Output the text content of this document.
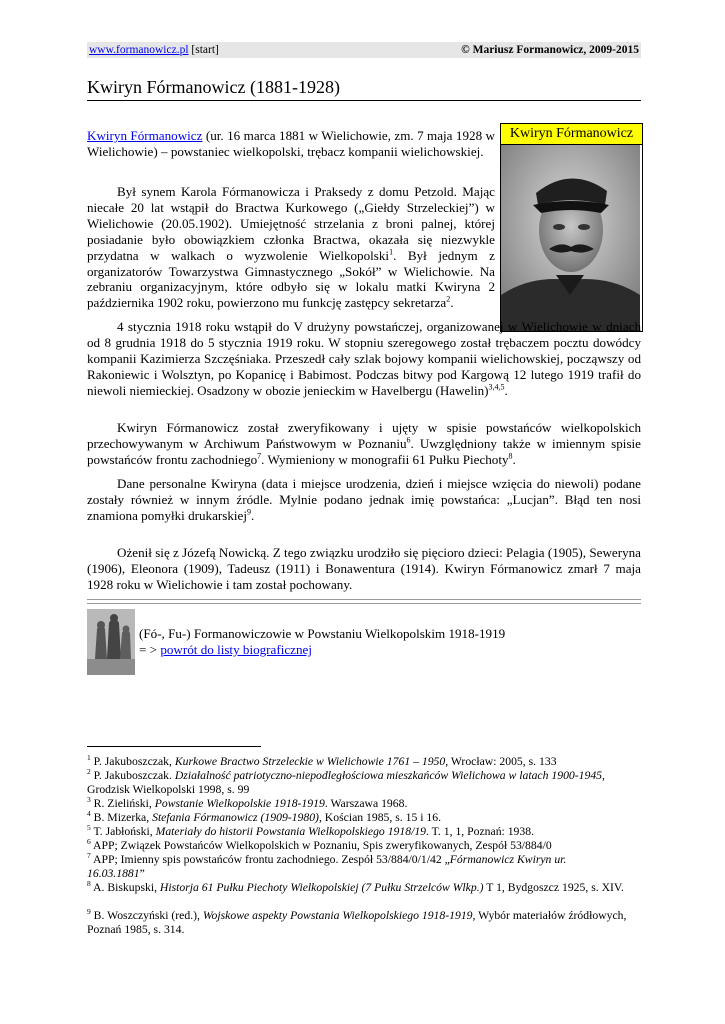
www.formanowicz.pl [start]	© Mariusz Formanowicz, 2009-2015
Kwiryn Fórmanowicz (1881-1928)
Kwiryn Fórmanowicz

Kwiryn Fórmanowicz (ur. 16 marca 1881 w Wielichowie, zm. 7 maja 1928 w Wielichowie) – powstaniec wielkopolski, trębacz kompanii wielichowskiej.

Był synem Karola Fórmanowicza i Praksedy z domu Petzold. Mając niecałe 20 lat wstąpił do Bractwa Kurkowego („Giełdy Strzeleckiej”) w Wielichowie (20.05.1902). Umiejętność strzelania z broni palnej, której posiadanie było obowiązkiem członka Bractwa, okazała się niezwykle przydatna w walkach o wyzwolenie Wielkopolski$^1$. Był jednym z organizatorów Towarzystwa Gimnastycznego „Sokół” w Wielichowie. Na zebraniu organizacyjnym, które odbyło się w lokalu matki Kwiryna 2 października 1902 roku, powierzono mu funkcję zastępcy sekretarza$^2$.

4 stycznia 1918 roku wstąpił do V drużyny powstańczej, organizowanej w Wielichowie w dniach od 8 grudnia 1918 do 5 stycznia 1919 roku. W stopniu szeregowego został trębaczem pocztu dowódcy kompanii Kazimierza Szczęśniaka. Przeszedł cały szlak bojowy kompanii wielichowskiej, począwszy od Rakoniewic i Wolsztyn, po Kopanicę i Babimost. Podczas bitwy pod Kargową 12 lutego 1919 trafił do niewoli niemieckiej. Osadzony w obozie jenieckim w Havelbergu (Hawelin)$^{3,4,5}$.

Kwiryn Fórmanowicz został zweryfikowany i ujęty w spisie powstańców wielkopolskich przechowywanym w Archiwum Państwowym w Poznaniu$^6$. Uwzględniony także w imiennym spisie powstańców frontu zachodniego$^7$. Wymieniony w monografii 61 Pułku Piechoty$^8$.

Dane personalne Kwiryna (data i miejsce urodzenia, dzień i miejsce wzięcia do niewoli) podane zostały również w innym źródle. Mylnie podano jednak imię powstańca: „Lucjan”. Błąd ten nosi znamiona pomyłki drukarskiej$^9$.

Ożenił się z Józefą Nowicką. Z tego związku urodziło się pięcioro dzieci: Pelagia (1905), Seweryna (1906), Eleonora (1909), Tadeusz (1911) i Bonawentura (1914). Kwiryn Fórmanowicz zmarł 7 maja 1928 roku w Wielichowie i tam został pochowany.

(Fó-, Fu-) Formanowiczowie w Powstaniu Wielkopolskim 1918-1919
= > powrót do listy biograficznej

$^1$ P. Jakuboszczak, Kurkowe Bractwo Strzeleckie w Wielichowie 1761 – 1950, Wrocław: 2005, s. 133

$^2$ P. Jakuboszczak. Działalność patriotyczno-niepodległościowa mieszkańców Wielichowa w latach 1900-1945, Grodzisk Wielkopolski 1998, s. 99

$^3$ R. Zieliński, Powstanie Wielkopolskie 1918-1919. Warszawa 1968.

$^4$ B. Mizerka, Stefania Fórmanowicz (1909-1980), Kościan 1985, s. 15 i 16.

$^5$ T. Jabłoński, Materiały do historii Powstania Wielkopolskiego 1918/19. T. 1, 1, Poznań: 1938.

$^6$ APP; Związek Powstańców Wielkopolskich w Poznaniu, Spis zweryfikowanych, Zespół 53/884/0

$^7$ APP; Imienny spis powstańców frontu zachodniego. Zespół 53/884/0/1/42 „Fórmanowicz Kwiryn ur. 16.03.1881”

$^8$ A. Biskupski, Historja 61 Pułku Piechoty Wielkopolskiej (7 Pułku Strzelców Wlkp.) T 1, Bydgoszcz 1925, s. XIV.

$^9$ B. Woszczyński (red.), Wojskowe aspekty Powstania Wielkopolskiego 1918-1919, Wybór materiałów źródłowych, Poznań 1985, s. 314.
